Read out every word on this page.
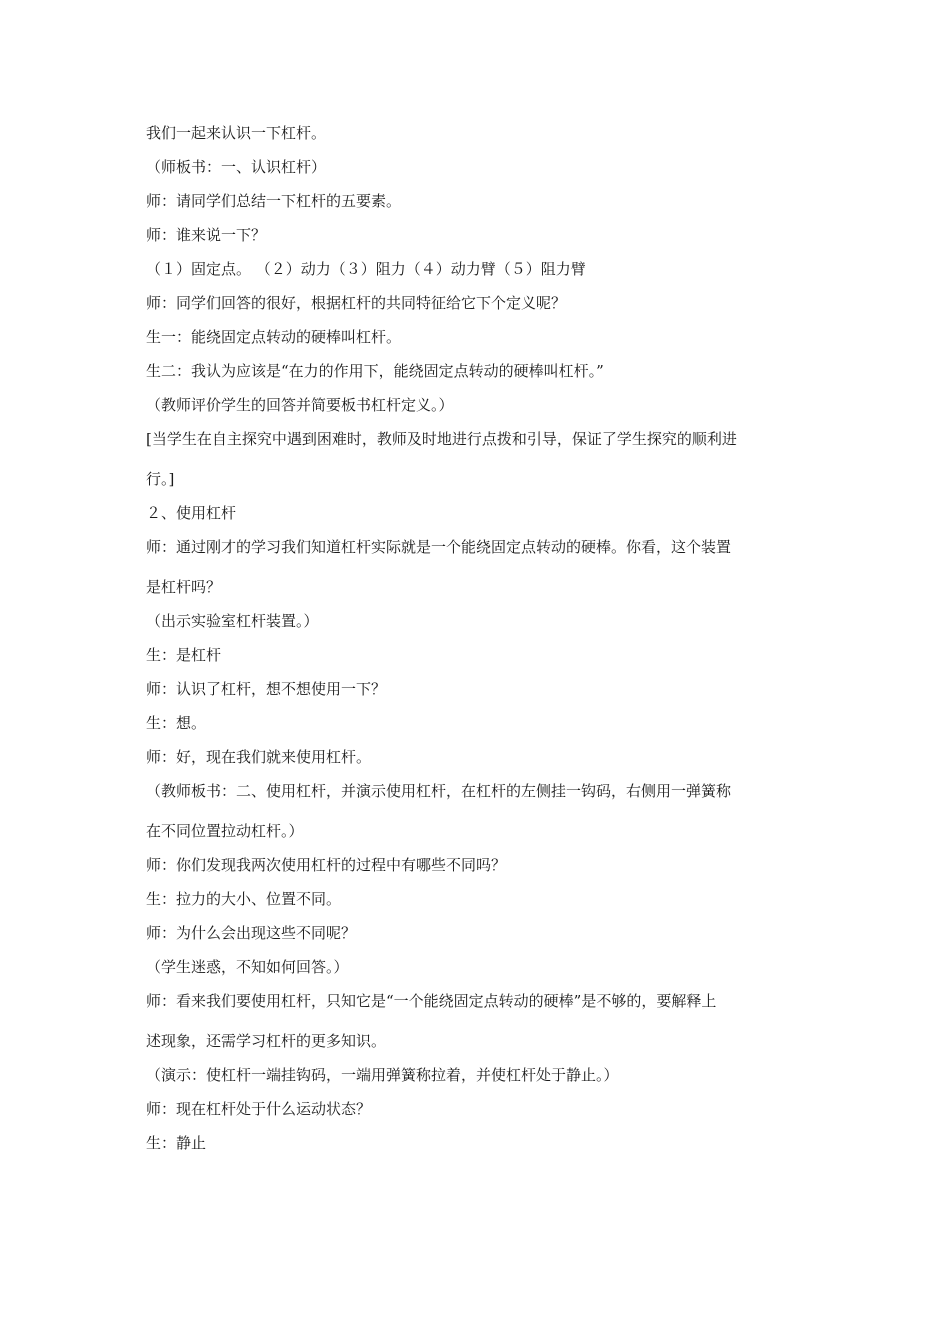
我们一起来认识一下杠杆。

（师板书：一、认识杠杆）

师：请同学们总结一下杠杆的五要素。

师：谁来说一下？

（１）固定点。 （２）动力（３）阻力（４）动力臂（５）阻力臂

师：同学们回答的很好，根据杠杆的共同特征给它下个定义呢？

生一：能绕固定点转动的硬棒叫杠杆。

生二：我认为应该是“在力的作用下，能绕固定点转动的硬棒叫杠杆。”

（教师评价学生的回答并简要板书杠杆定义。）

[当学生在自主探究中遇到困难时，教师及时地进行点拨和引导，保证了学生探究的顺利进

行。]

２、使用杠杆

师：通过刚才的学习我们知道杠杆实际就是一个能绕固定点转动的硬棒。你看，这个装置

是杠杆吗？

（出示实验室杠杆装置。）

生：是杠杆

师：认识了杠杆，想不想使用一下？

生：想。

师：好，现在我们就来使用杠杆。

（教师板书：二、使用杠杆，并演示使用杠杆，在杠杆的左侧挂一钩码，右侧用一弹簧称

在不同位置拉动杠杆。）

师：你们发现我两次使用杠杆的过程中有哪些不同吗？

生：拉力的大小、位置不同。

师：为什么会出现这些不同呢？

（学生迷惑，不知如何回答。）

师：看来我们要使用杠杆，只知它是“一个能绕固定点转动的硬棒”是不够的，要解释上

述现象，还需学习杠杆的更多知识。

（演示：使杠杆一端挂钩码，一端用弹簧称拉着，并使杠杆处于静止。）

师：现在杠杆处于什么运动状态？

生：静止
